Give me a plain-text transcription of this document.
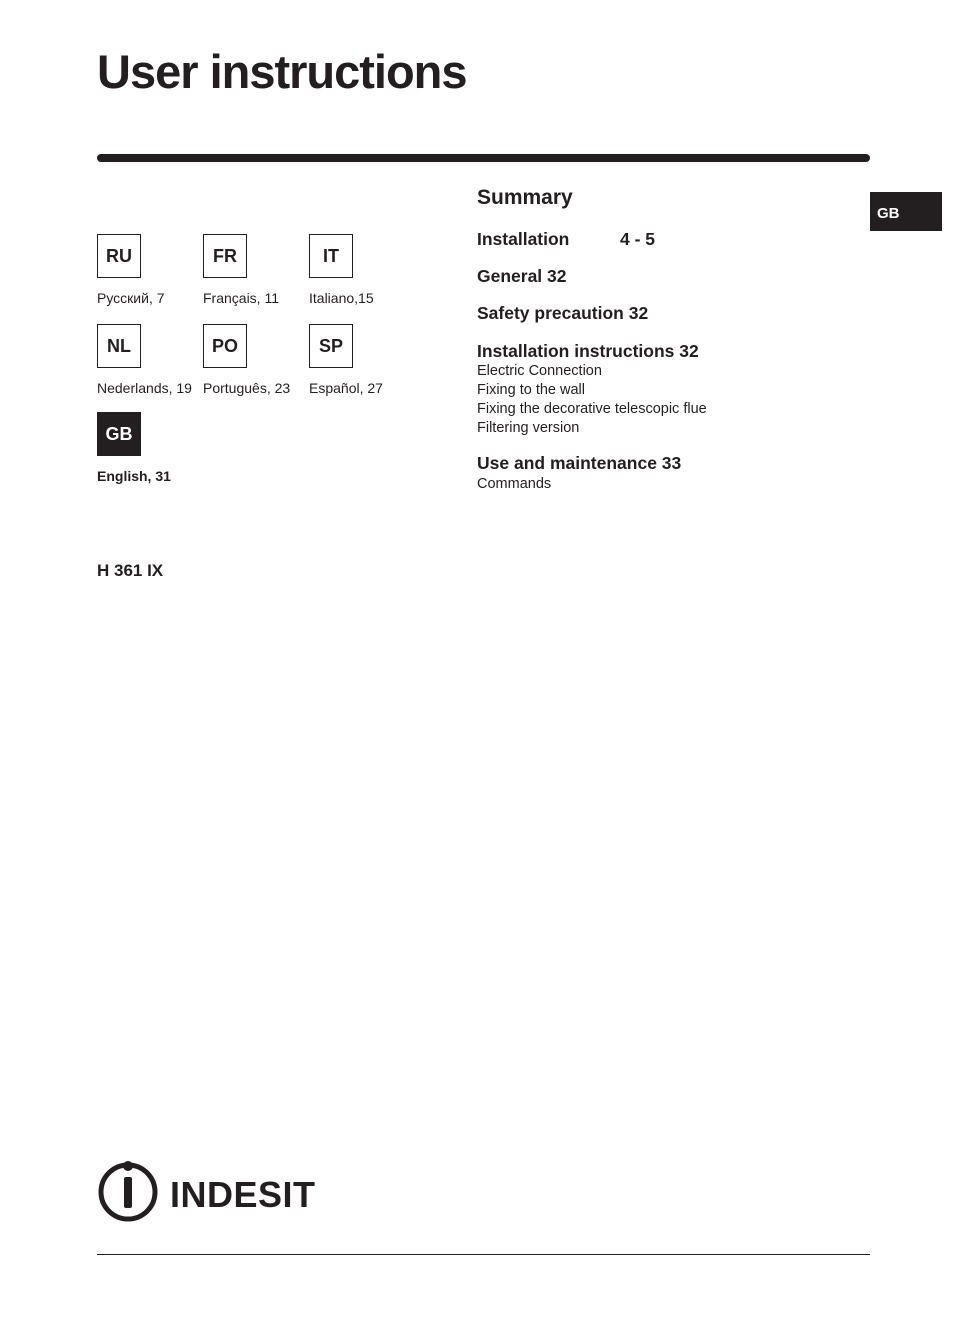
User instructions
GB
RU
Русский, 7
FR
Français, 11
IT
Italiano,15
NL
Nederlands, 19
PO
Português, 23
SP
Español, 27
GB
English, 31
H 361 IX
Summary
Installation	4 - 5
General 32
Safety precaution 32
Installation instructions 32
Electric Connection
Fixing to the wall
Fixing the decorative telescopic flue
Filtering version
Use and maintenance 33
Commands
INDESIT
